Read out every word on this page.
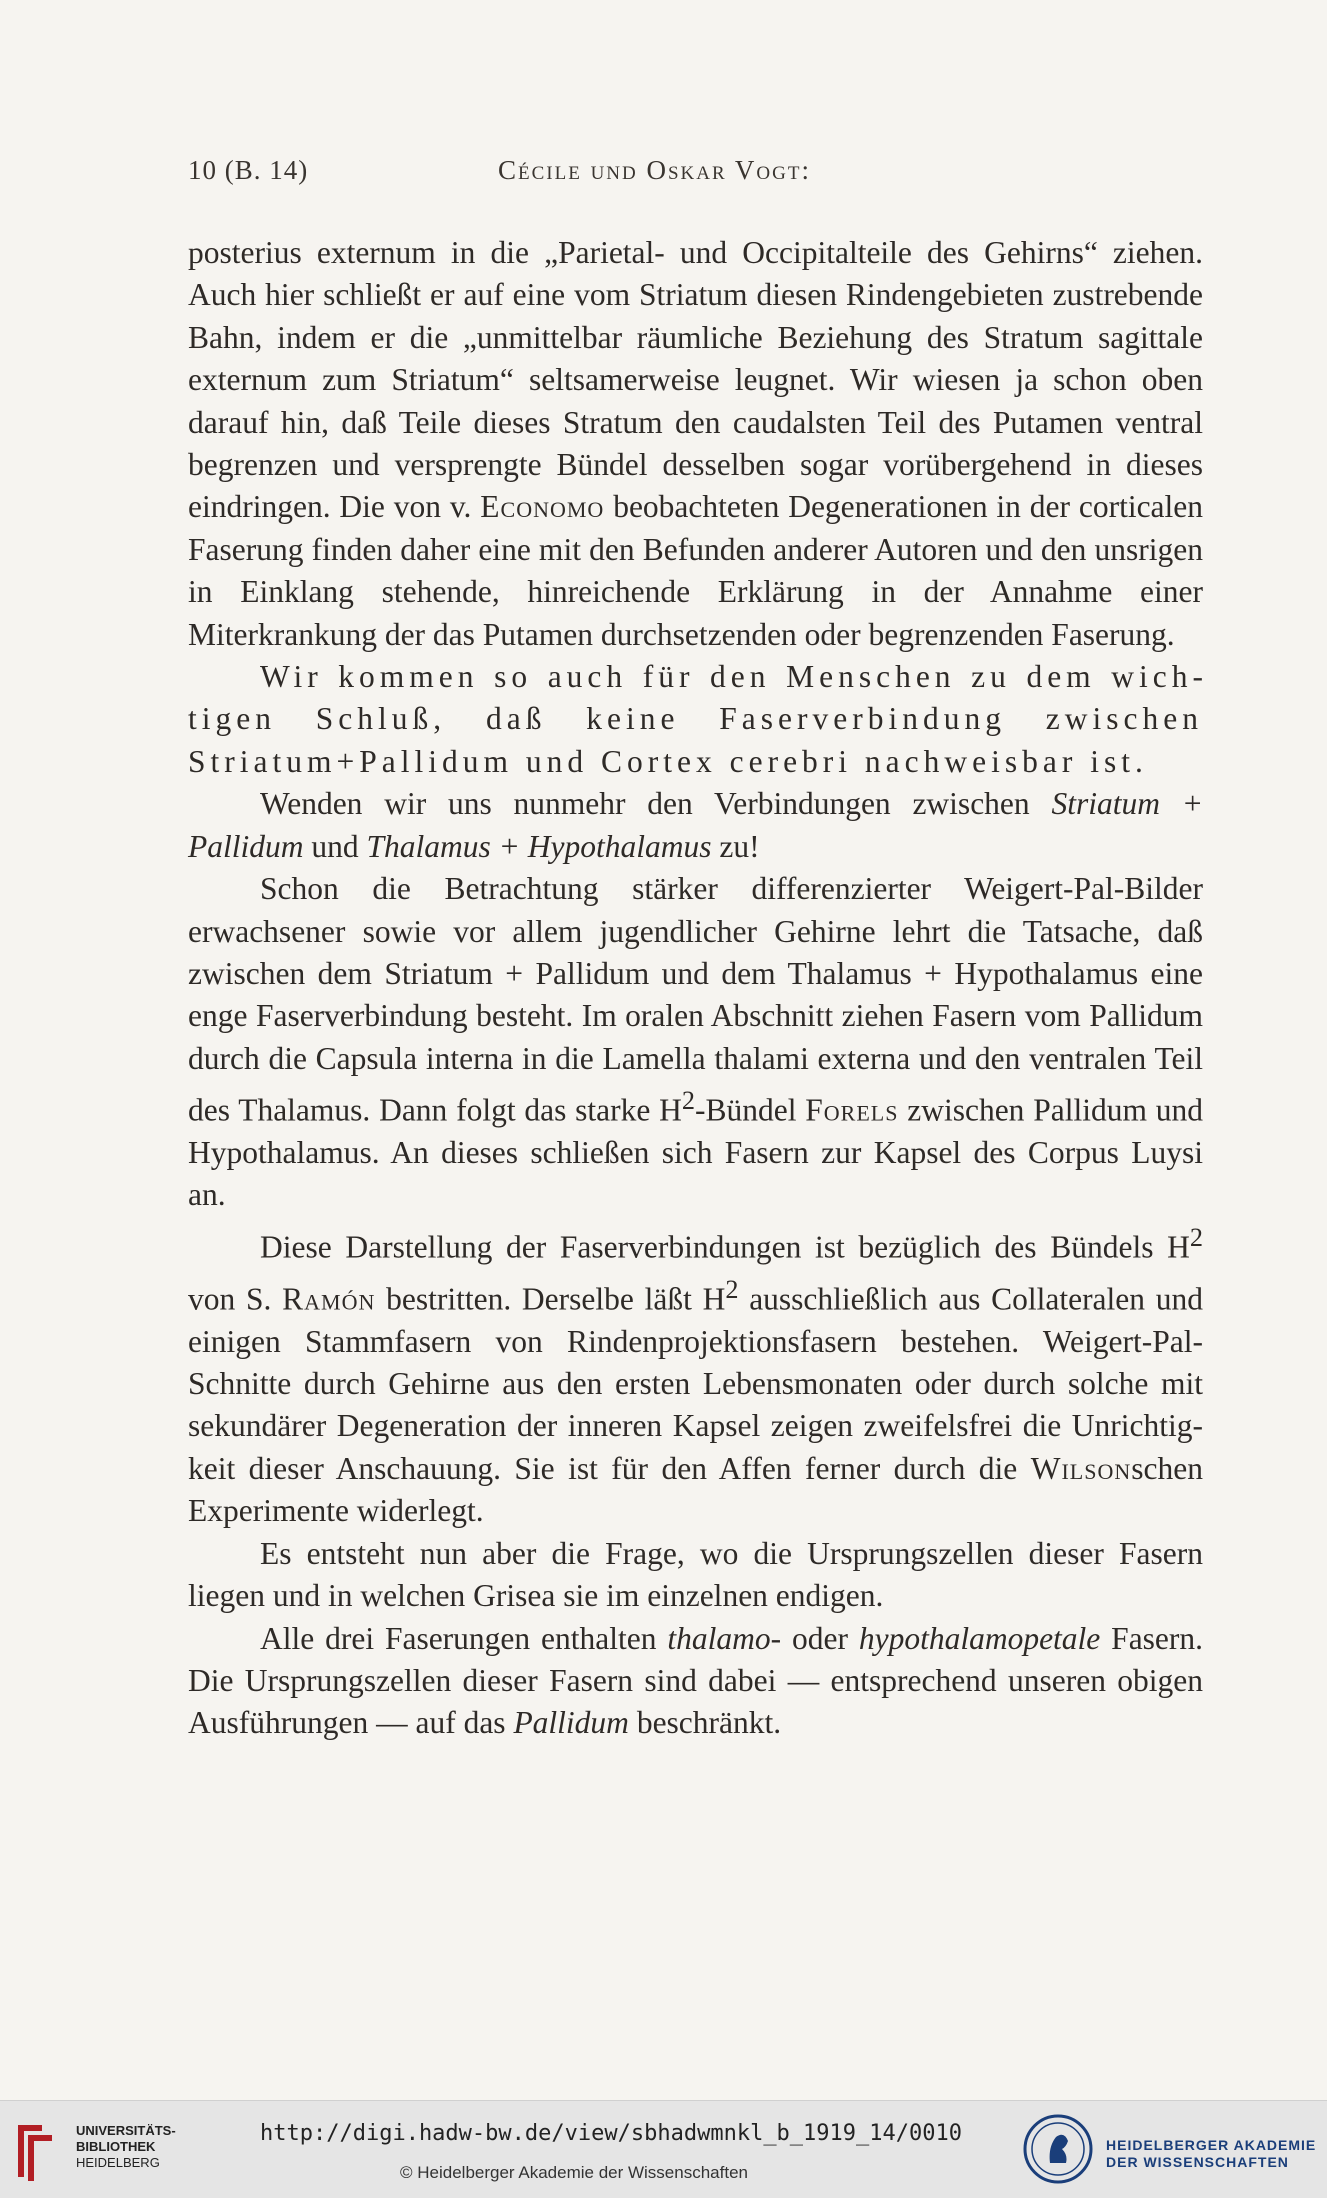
10 (B. 14)	Cécile und Oskar Vogt:

posterius externum in die „Parietal- und Occipitalteile des Gehirns“ ziehen. Auch hier schließt er auf eine vom Striatum diesen Rindengebieten zustrebende Bahn, indem er die „unmittelbar räumliche Beziehung des Stratum sagittale externum zum Striatum“ seltsamerweise leugnet. Wir wiesen ja schon oben darauf hin, daß Teile dieses Stratum den caudalsten Teil des Putamen ventral begrenzen und versprengte Bündel desselben sogar vorübergehend in dieses eindringen. Die von v. Economo beobachteten Degenerationen in der corticalen Faserung finden daher eine mit den Befunden anderer Autoren und den unsrigen in Einklang stehende, hinreichende Erklärung in der Annahme einer Miterkrankung der das Putamen durchsetzenden oder begrenzenden Faserung.

Wir kommen so auch für den Menschen zu dem wichtigen Schluß, daß keine Faserverbindung zwischen Striatum+Pallidum und Cortex cerebri nachweisbar ist.

Wenden wir uns nunmehr den Verbindungen zwischen Striatum + Pallidum und Thalamus + Hypothalamus zu!

Schon die Betrachtung stärker differenzierter Weigert-Pal-Bilder erwachsener sowie vor allem jugendlicher Gehirne lehrt die Tatsache, daß zwischen dem Striatum + Pallidum und dem Thalamus + Hypothalamus eine enge Faserverbindung besteht. Im oralen Abschnitt ziehen Fasern vom Pallidum durch die Capsula interna in die Lamella thalami externa und den ventralen Teil des Thalamus. Dann folgt das starke $H^2$-Bündel Forels zwischen Pallidum und Hypothalamus. An dieses schließen sich Fasern zur Kapsel des Corpus Luysi an.

Diese Darstellung der Faserverbindungen ist bezüglich des Bündels $H^2$ von S. Ramón bestritten. Derselbe läßt $H^2$ ausschließlich aus Collateralen und einigen Stammfasern von Rindenprojektionsfasern bestehen. Weigert-Pal-Schnitte durch Gehirne aus den ersten Lebensmonaten oder durch solche mit sekundärer Degeneration der inneren Kapsel zeigen zweifelsfrei die Unrichtigkeit dieser Anschauung. Sie ist für den Affen ferner durch die Wilsonschen Experimente widerlegt.

Es entsteht nun aber die Frage, wo die Ursprungszellen dieser Fasern liegen und in welchen Grisea sie im einzelnen endigen.

Alle drei Faserungen enthalten thalamo- oder hypothalamopetale Fasern. Die Ursprungszellen dieser Fasern sind dabei — entsprechend unseren obigen Ausführungen — auf das Pallidum beschränkt.

UNIVERSITÄTS-
BIBLIOTHEK
HEIDELBERG
http://digi.hadw-bw.de/view/sbhadwmnkl_b_1919_14/0010
© Heidelberger Akademie der Wissenschaften
HEIDELBERGER AKADEMIE
DER WISSENSCHAFTEN
